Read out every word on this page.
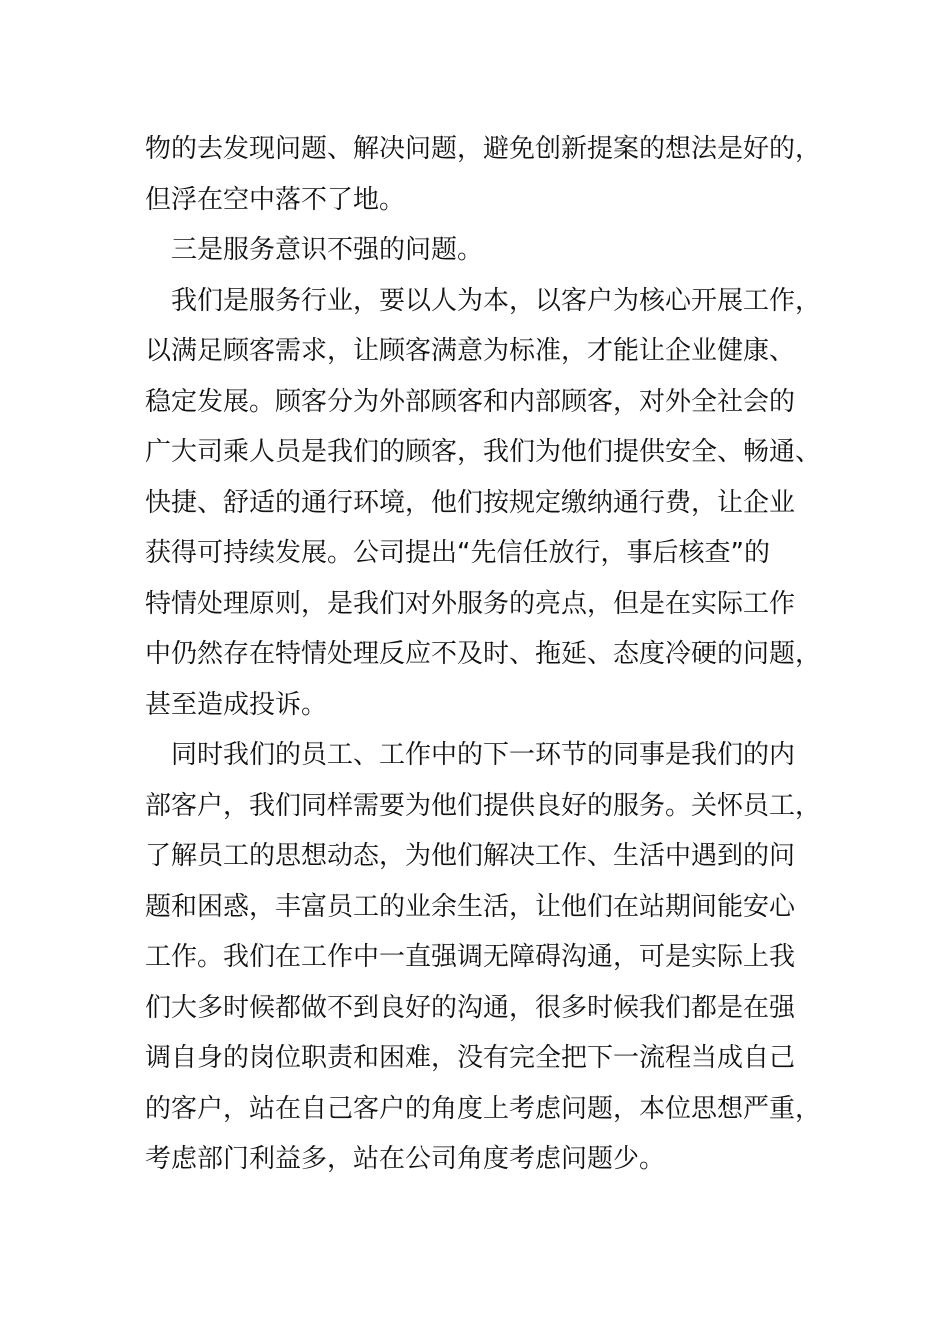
物的去发现问题、解决问题，避免创新提案的想法是好的，
但浮在空中落不了地。
　三是服务意识不强的问题。
　我们是服务行业，要以人为本，以客户为核心开展工作，
以满足顾客需求，让顾客满意为标准，才能让企业健康、
稳定发展。顾客分为外部顾客和内部顾客，对外全社会的
广大司乘人员是我们的顾客，我们为他们提供安全、畅通、
快捷、舒适的通行环境，他们按规定缴纳通行费，让企业
获得可持续发展。公司提出“先信任放行，事后核查”的
特情处理原则，是我们对外服务的亮点，但是在实际工作
中仍然存在特情处理反应不及时、拖延、态度冷硬的问题，
甚至造成投诉。
　同时我们的员工、工作中的下一环节的同事是我们的内
部客户，我们同样需要为他们提供良好的服务。关怀员工，
了解员工的思想动态，为他们解决工作、生活中遇到的问
题和困惑，丰富员工的业余生活，让他们在站期间能安心
工作。我们在工作中一直强调无障碍沟通，可是实际上我
们大多时候都做不到良好的沟通，很多时候我们都是在强
调自身的岗位职责和困难，没有完全把下一流程当成自己
的客户，站在自己客户的角度上考虑问题，本位思想严重，
考虑部门利益多，站在公司角度考虑问题少。
